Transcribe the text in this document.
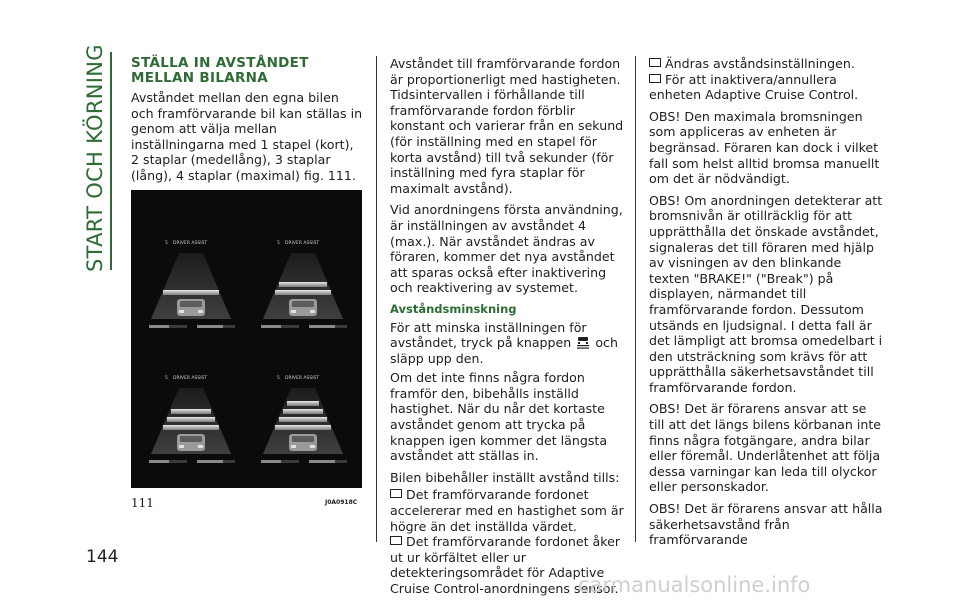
START OCH KÖRNING
144
STÄLLA IN AVSTÅNDET MELLAN BILARNA

Avståndet mellan den egna bilen och framförvarande bil kan ställas in genom att välja mellan inställningarna med 1 stapel (kort), 2 staplar (medellång), 3 staplar (lång), 4 staplar (maximal) fig. 111.

5 DRIVER ASSIST	5 DRIVER ASSIST
5 DRIVER ASSIST	5 DRIVER ASSIST
111	J0A0918C

Avståndet till framförvarande fordon är proportionerligt med hastigheten. Tidsintervallen i förhållande till framförvarande fordon förblir konstant och varierar från en sekund (för inställning med en stapel för korta avstånd) till två sekunder (för inställning med fyra staplar för maximalt avstånd).

Vid anordningens första användning, är inställningen av avståndet 4 (max.). När avståndet ändras av föraren, kommer det nya avståndet att sparas också efter inaktivering och reaktivering av systemet.

Avståndsminskning

För att minska inställningen för avståndet, tryck på knappen och släpp upp den.

Om det inte finns några fordon framför den, bibehålls inställd hastighet. När du når det kortaste avståndet genom att trycka på knappen igen kommer det längsta avståndet att ställas in.

Bilen bibehåller inställt avstånd tills:

Det framförvarande fordonet accelererar med en hastighet som är högre än det inställda värdet.
Det framförvarande fordonet åker ut ur körfältet eller ur detekteringsområdet för Adaptive Cruise Control-anordningens sensor.
Ändras avståndsinställningen.
För att inaktivera/annullera enheten Adaptive Cruise Control.

OBS! Den maximala bromsningen som appliceras av enheten är begränsad. Föraren kan dock i vilket fall som helst alltid bromsa manuellt om det är nödvändigt.

OBS! Om anordningen detekterar att bromsnivån är otillräcklig för att upprätthålla det önskade avståndet, signaleras det till föraren med hjälp av visningen av den blinkande texten "BRAKE!" ("Break") på displayen, närmandet till framförvarande fordon. Dessutom utsänds en ljudsignal. I detta fall är det lämpligt att bromsa omedelbart i den utsträckning som krävs för att upprätthålla säkerhetsavståndet till framförvarande fordon.

OBS! Det är förarens ansvar att se till att det längs bilens körbanan inte finns några fotgängare, andra bilar eller föremål. Underlåtenhet att följa dessa varningar kan leda till olyckor eller personskador.

OBS! Det är förarens ansvar att hålla säkerhetsavstånd från framförvarande

carmanualsonline.info
